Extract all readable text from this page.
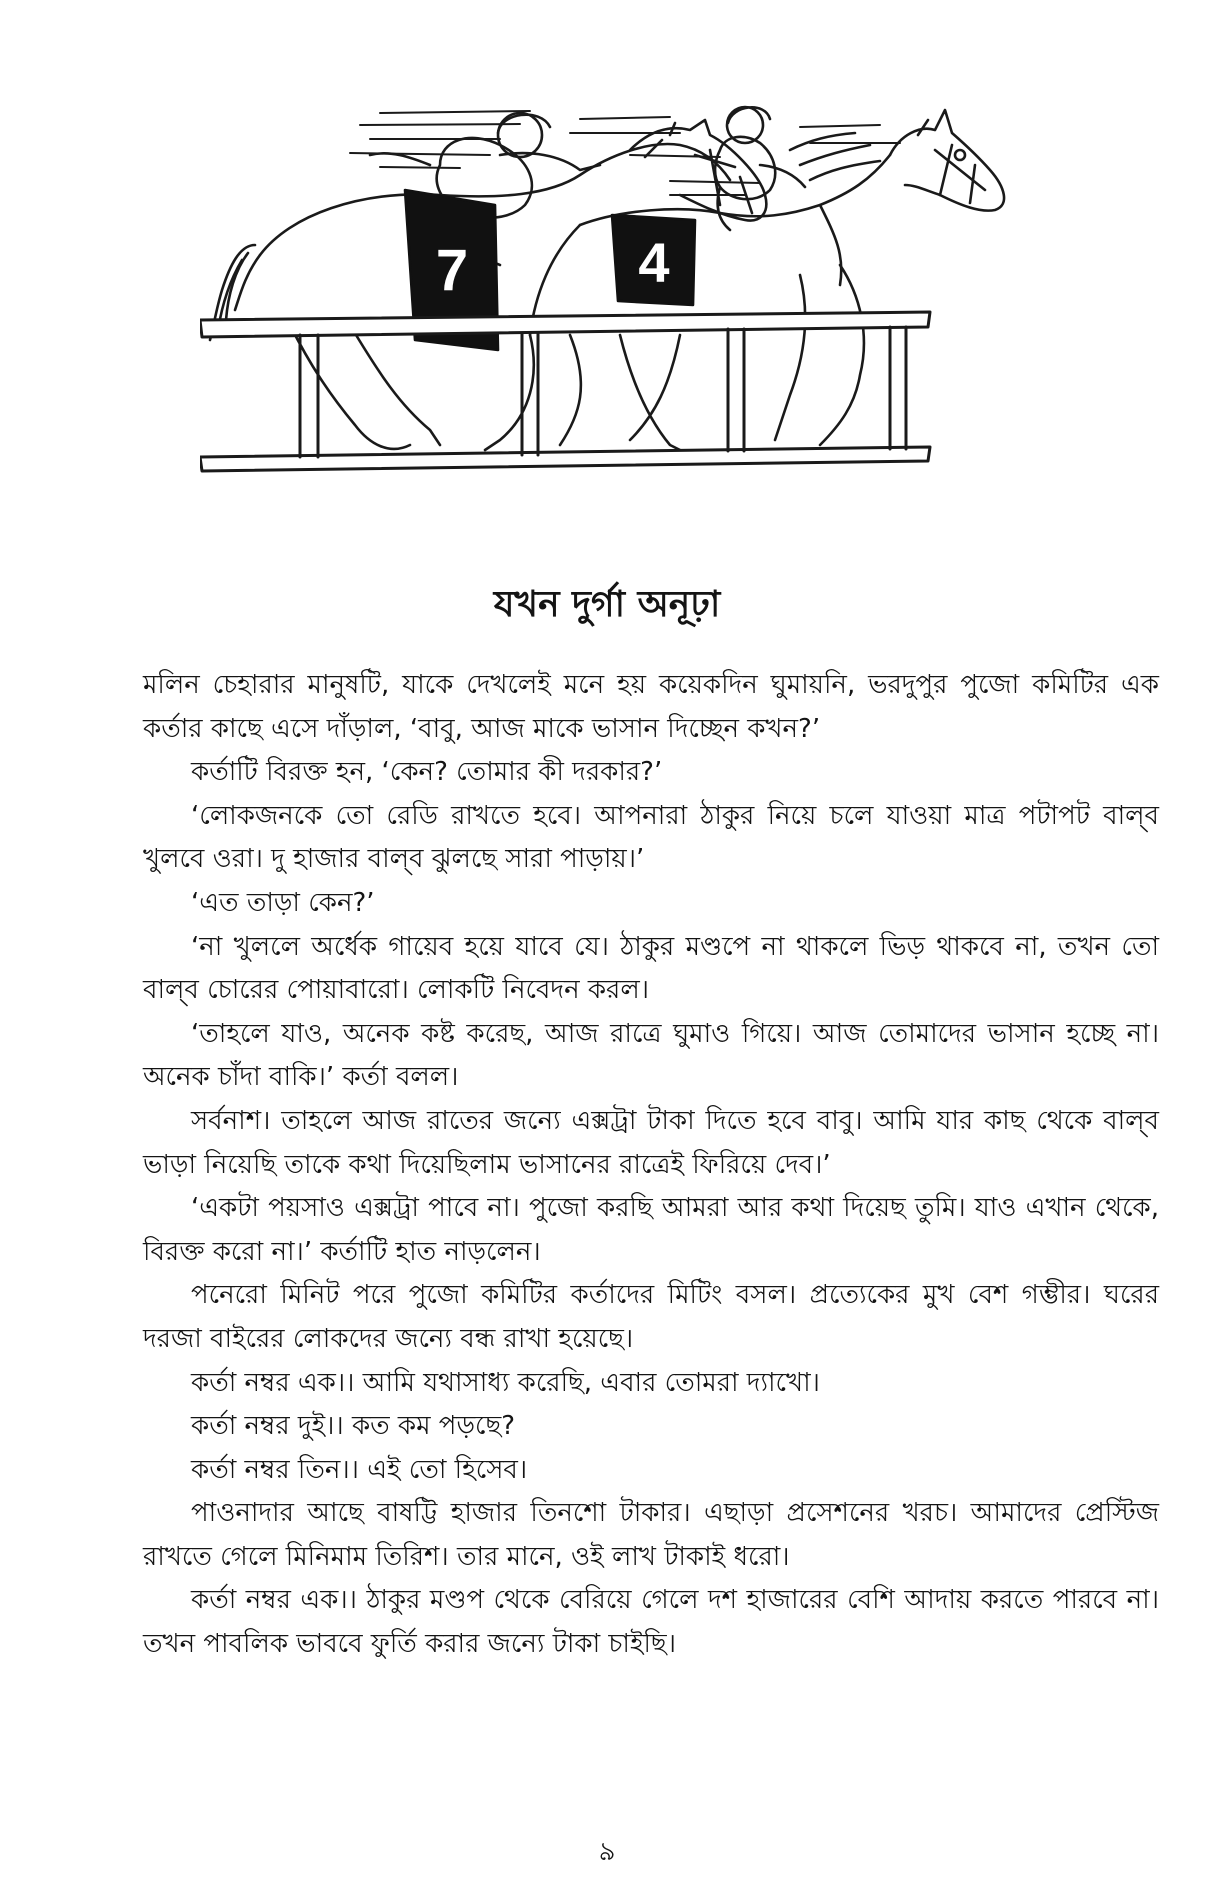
7	4
যখন দুর্গা অনূঢ়া

মলিন চেহারার মানুষটি, যাকে দেখলেই মনে হয় কয়েকদিন ঘুমায়নি, ভরদুপুর পুজো কমিটির এক কর্তার কাছে এসে দাঁড়াল, ‘বাবু, আজ মাকে ভাসান দিচ্ছেন কখন?’

কর্তাটি বিরক্ত হন, ‘কেন? তোমার কী দরকার?’

‘লোকজনকে তো রেডি রাখতে হবে। আপনারা ঠাকুর নিয়ে চলে যাওয়া মাত্র পটাপট বাল্‌ব খুলবে ওরা। দু হাজার বাল্‌ব ঝুলছে সারা পাড়ায়।’

‘এত তাড়া কেন?’

‘না খুললে অর্ধেক গায়েব হয়ে যাবে যে। ঠাকুর মণ্ডপে না থাকলে ভিড় থাকবে না, তখন তো বাল্‌ব চোরের পোয়াবারো। লোকটি নিবেদন করল।

‘তাহলে যাও, অনেক কষ্ট করেছ, আজ রাত্রে ঘুমাও গিয়ে। আজ তোমাদের ভাসান হচ্ছে না। অনেক চাঁদা বাকি।’ কর্তা বলল।

সর্বনাশ। তাহলে আজ রাতের জন্যে এক্সট্রা টাকা দিতে হবে বাবু। আমি যার কাছ থেকে বাল্‌ব ভাড়া নিয়েছি তাকে কথা দিয়েছিলাম ভাসানের রাত্রেই ফিরিয়ে দেব।’

‘একটা পয়সাও এক্সট্রা পাবে না। পুজো করছি আমরা আর কথা দিয়েছ তুমি। যাও এখান থেকে, বিরক্ত করো না।’ কর্তাটি হাত নাড়লেন।

পনেরো মিনিট পরে পুজো কমিটির কর্তাদের মিটিং বসল। প্রত্যেকের মুখ বেশ গম্ভীর। ঘরের দরজা বাইরের লোকদের জন্যে বন্ধ রাখা হয়েছে।

কর্তা নম্বর এক।। আমি যথাসাধ্য করেছি, এবার তোমরা দ্যাখো।

কর্তা নম্বর দুই।। কত কম পড়ছে?

কর্তা নম্বর তিন।। এই তো হিসেব।

পাওনাদার আছে বাষট্টি হাজার তিনশো টাকার। এছাড়া প্রসেশনের খরচ। আমাদের প্রেস্টিজ রাখতে গেলে মিনিমাম তিরিশ। তার মানে, ওই লাখ টাকাই ধরো।

কর্তা নম্বর এক।। ঠাকুর মণ্ডপ থেকে বেরিয়ে গেলে দশ হাজারের বেশি আদায় করতে পারবে না। তখন পাবলিক ভাববে ফুর্তি করার জন্যে টাকা চাইছি।

৯
